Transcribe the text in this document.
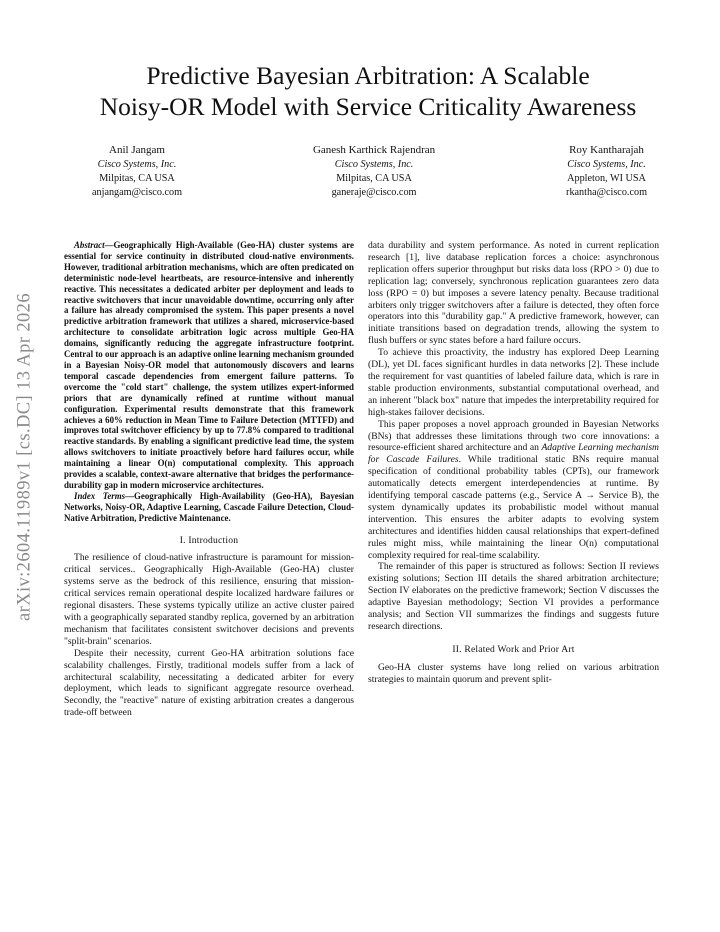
arXiv:2604.11989v1 [cs.DC] 13 Apr 2026
Predictive Bayesian Arbitration: A Scalable
Noisy-OR Model with Service Criticality Awareness
Anil Jangam
Cisco Systems, Inc.
Milpitas, CA USA
anjangam@cisco.com
Ganesh Karthick Rajendran
Cisco Systems, Inc.
Milpitas, CA USA
ganeraje@cisco.com
Roy Kantharajah
Cisco Systems, Inc.
Appleton, WI USA
rkantha@cisco.com

Abstract—Geographically High-Available (Geo-HA) cluster systems are essential for service continuity in distributed cloud-native environments. However, traditional arbitration mechanisms, which are often predicated on deterministic node-level heartbeats, are resource-intensive and inherently reactive. This necessitates a dedicated arbiter per deployment and leads to reactive switchovers that incur unavoidable downtime, occurring only after a failure has already compromised the system. This paper presents a novel predictive arbitration framework that utilizes a shared, microservice-based architecture to consolidate arbitration logic across multiple Geo-HA domains, significantly reducing the aggregate infrastructure footprint. Central to our approach is an adaptive online learning mechanism grounded in a Bayesian Noisy-OR model that autonomously discovers and learns temporal cascade dependencies from emergent failure patterns. To overcome the "cold start" challenge, the system utilizes expert-informed priors that are dynamically refined at runtime without manual configuration. Experimental results demonstrate that this framework achieves a 60% reduction in Mean Time to Failure Detection (MTTFD) and improves total switchover efficiency by up to 77.8% compared to traditional reactive standards. By enabling a significant predictive lead time, the system allows switchovers to initiate proactively before hard failures occur, while maintaining a linear O(n) computational complexity. This approach provides a scalable, context-aware alternative that bridges the performance-durability gap in modern microservice architectures.

Index Terms—Geographically High-Availability (Geo-HA), Bayesian Networks, Noisy-OR, Adaptive Learning, Cascade Failure Detection, Cloud-Native Arbitration, Predictive Maintenance.

I. Introduction

The resilience of cloud-native infrastructure is paramount for mission-critical services.. Geographically High-Available (Geo-HA) cluster systems serve as the bedrock of this resilience, ensuring that mission-critical services remain operational despite localized hardware failures or regional disasters. These systems typically utilize an active cluster paired with a geographically separated standby replica, governed by an arbitration mechanism that facilitates consistent switchover decisions and prevents "split-brain" scenarios.

Despite their necessity, current Geo-HA arbitration solutions face scalability challenges. Firstly, traditional models suffer from a lack of architectural scalability, necessitating a dedicated arbiter for every deployment, which leads to significant aggregate resource overhead. Secondly, the "reactive" nature of existing arbitration creates a dangerous trade-off between

data durability and system performance. As noted in current replication research [1], live database replication forces a choice: asynchronous replication offers superior throughput but risks data loss (RPO > 0) due to replication lag; conversely, synchronous replication guarantees zero data loss (RPO = 0) but imposes a severe latency penalty. Because traditional arbiters only trigger switchovers after a failure is detected, they often force operators into this "durability gap." A predictive framework, however, can initiate transitions based on degradation trends, allowing the system to flush buffers or sync states before a hard failure occurs.

To achieve this proactivity, the industry has explored Deep Learning (DL), yet DL faces significant hurdles in data networks [2]. These include the requirement for vast quantities of labeled failure data, which is rare in stable production environments, substantial computational overhead, and an inherent "black box" nature that impedes the interpretability required for high-stakes failover decisions.

This paper proposes a novel approach grounded in Bayesian Networks (BNs) that addresses these limitations through two core innovations: a resource-efficient shared architecture and an Adaptive Learning mechanism for Cascade Failures. While traditional static BNs require manual specification of conditional probability tables (CPTs), our framework automatically detects emergent interdependencies at runtime. By identifying temporal cascade patterns (e.g., Service A → Service B), the system dynamically updates its probabilistic model without manual intervention. This ensures the arbiter adapts to evolving system architectures and identifies hidden causal relationships that expert-defined rules might miss, while maintaining the linear O(n) computational complexity required for real-time scalability.

The remainder of this paper is structured as follows: Section II reviews existing solutions; Section III details the shared arbitration architecture; Section IV elaborates on the predictive framework; Section V discusses the adaptive Bayesian methodology; Section VI provides a performance analysis; and Section VII summarizes the findings and suggests future research directions.

II. Related Work and Prior Art

Geo-HA cluster systems have long relied on various arbitration strategies to maintain quorum and prevent split-
